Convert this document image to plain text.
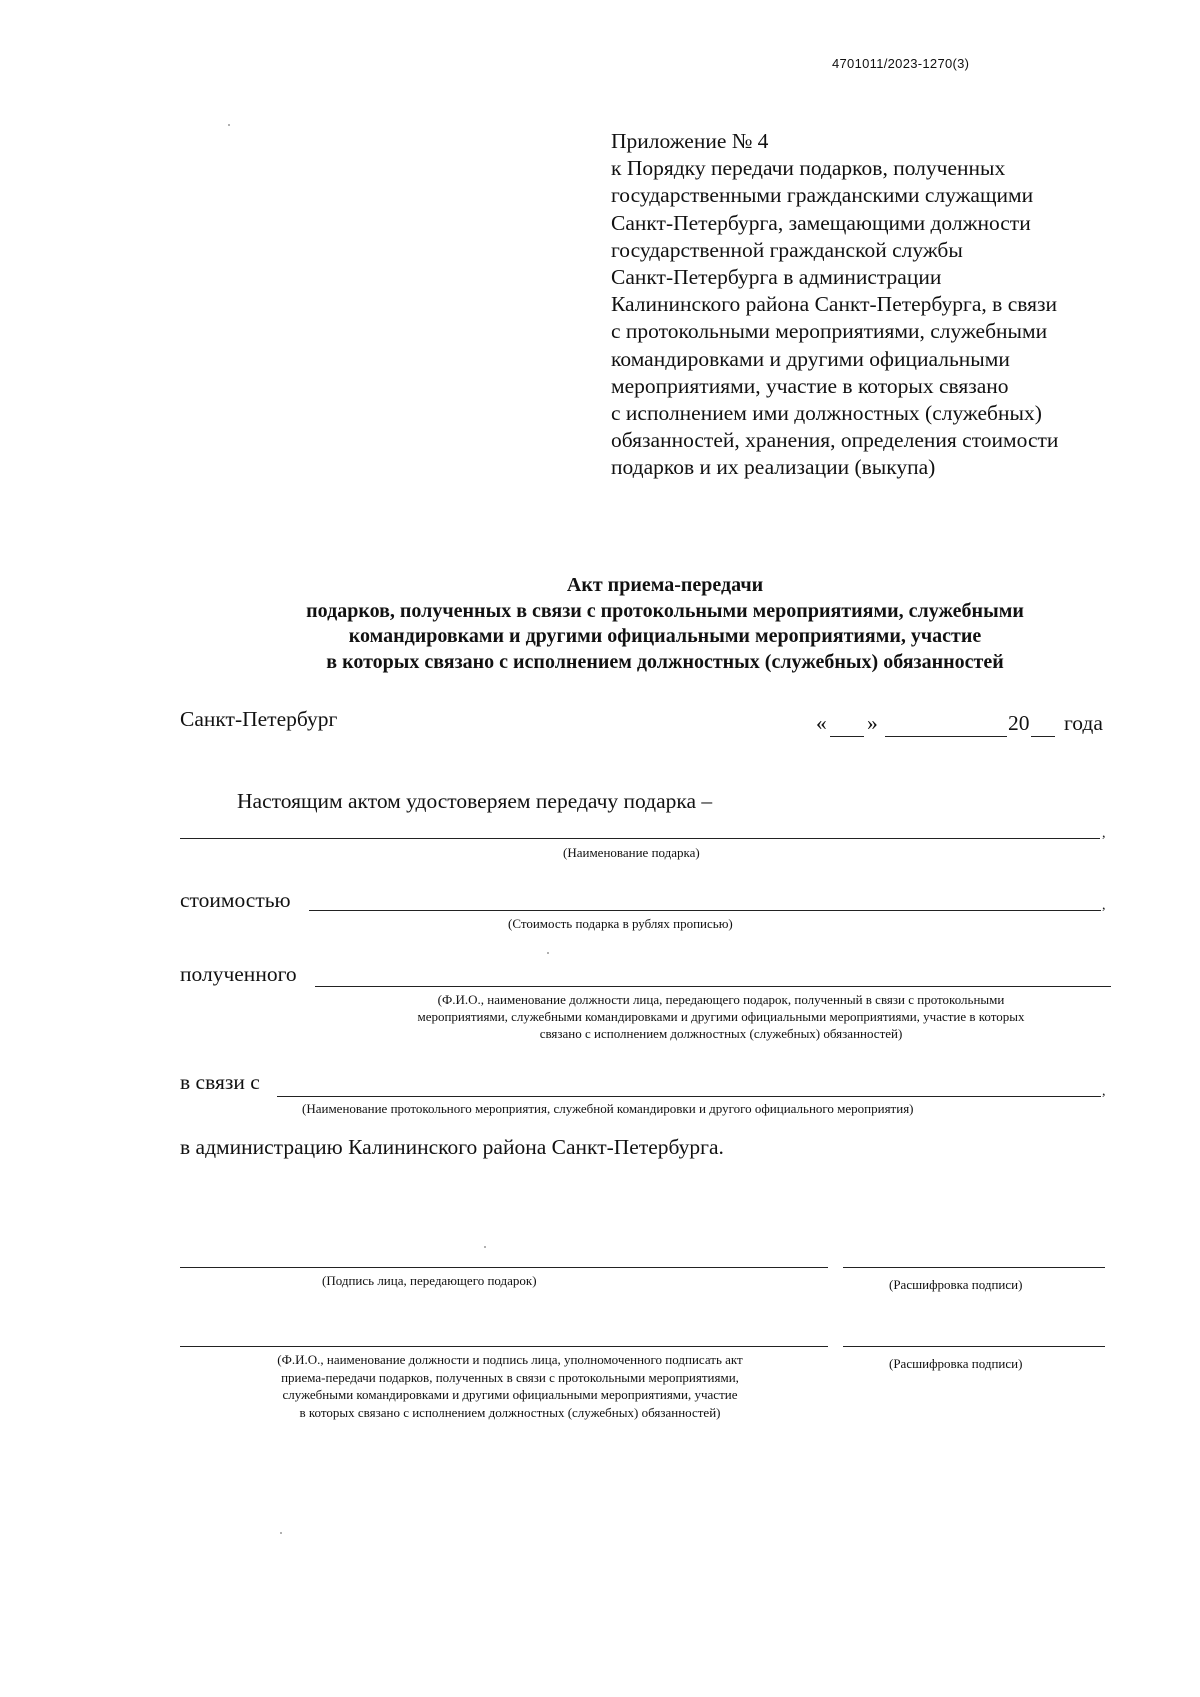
4701011/2023-1270(3)
Приложение № 4
к Порядку передачи подарков, полученных
государственными гражданскими служащими
Санкт-Петербурга, замещающими должности
государственной гражданской службы
Санкт-Петербурга в администрации
Калининского района Санкт-Петербурга, в связи
с протокольными мероприятиями, служебными
командировками и другими официальными
мероприятиями, участие в которых связано
с исполнением ими должностных (служебных)
обязанностей, хранения, определения стоимости
подарков и их реализации (выкупа)
Акт приема-передачи
подарков, полученных в связи с протокольными мероприятиями, служебными
командировками и другими официальными мероприятиями, участие
в которых связано с исполнением должностных (служебных) обязанностей
Санкт-Петербург	« »	20 года
Настоящим актом удостоверяем передачу подарка –
,
(Наименование подарка)
стоимостью	,
(Стоимость подарка в рублях прописью)
полученного
(Ф.И.О., наименование должности лица, передающего подарок, полученный в связи с протокольными
мероприятиями, служебными командировками и другими официальными мероприятиями, участие в которых
связано с исполнением должностных (служебных) обязанностей)
в связи с	,
(Наименование протокольного мероприятия, служебной командировки и другого официального мероприятия)
в администрацию Калининского района Санкт-Петербурга.
(Подпись лица, передающего подарок)	(Расшифровка подписи)
(Ф.И.О., наименование должности и подпись лица, уполномоченного подписать акт
приема-передачи подарков, полученных в связи с протокольными мероприятиями,
служебными командировками и другими официальными мероприятиями, участие
в которых связано с исполнением должностных (служебных) обязанностей)
(Расшифровка подписи)
